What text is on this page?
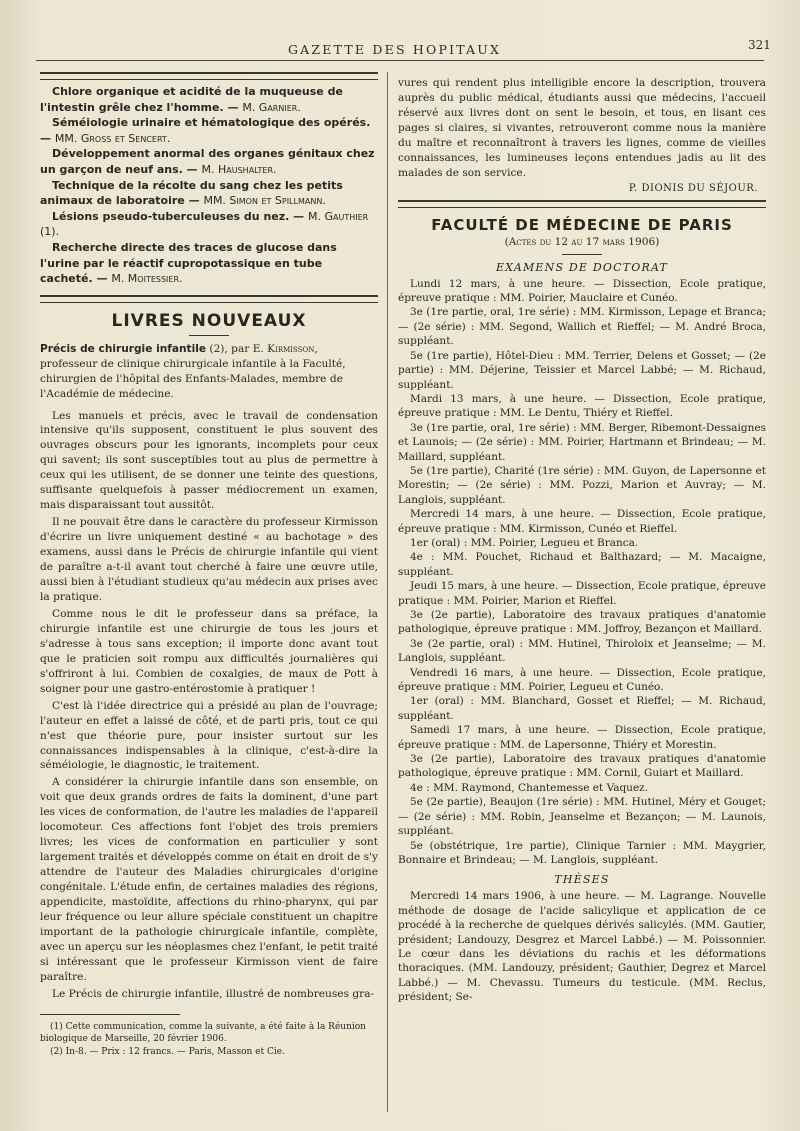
GAZETTE DES HOPITAUX	321
Chlore organique et acidité de la muqueuse de l'intestin grêle chez l'homme. — M. Garnier.
Séméiologie urinaire et hématologique des opérés. — MM. Gross et Sencert.
Développement anormal des organes génitaux chez un garçon de neuf ans. — M. Haushalter.
Technique de la récolte du sang chez les petits animaux de laboratoire — MM. Simon et Spillmann.
Lésions pseudo-tuberculeuses du nez. — M. Gauthier (1).
Recherche directe des traces de glucose dans l'urine par le réactif cupropotassique en tube cacheté. — M. Moitessier.
LIVRES NOUVEAUX
Précis de chirurgie infantile (2), par E. Kirmisson, professeur de clinique chirurgicale infantile à la Faculté, chirurgien de l'hôpital des Enfants-Malades, membre de l'Académie de médecine.

Les manuels et précis, avec le travail de condensation intensive qu'ils supposent, constituent le plus souvent des ouvrages obscurs pour les ignorants, incomplets pour ceux qui savent; ils sont susceptibles tout au plus de permettre à ceux qui les utilisent, de se donner une teinte des questions, suffisante quelquefois à passer médiocrement un examen, mais disparaissant tout aussitôt.

Il ne pouvait être dans le caractère du professeur Kirmisson d'écrire un livre uniquement destiné « au bachotage » des examens, aussi dans le Précis de chirurgie infantile qui vient de paraître a-t-il avant tout cherché à faire une œuvre utile, aussi bien à l'étudiant studieux qu'au médecin aux prises avec la pratique.

Comme nous le dit le professeur dans sa préface, la chirurgie infantile est une chirurgie de tous les jours et s'adresse à tous sans exception; il importe donc avant tout que le praticien soit rompu aux difficultés journalières qui s'offriront à lui. Combien de coxalgies, de maux de Pott à soigner pour une gastro-entérostomie à pratiquer !

C'est là l'idée directrice qui a présidé au plan de l'ouvrage; l'auteur en effet a laissé de côté, et de parti pris, tout ce qui n'est que théorie pure, pour insister surtout sur les connaissances indispensables à la clinique, c'est-à-dire la séméiologie, le diagnostic, le traitement.

A considérer la chirurgie infantile dans son ensemble, on voit que deux grands ordres de faits la dominent, d'une part les vices de conformation, de l'autre les maladies de l'appareil locomoteur. Ces affections font l'objet des trois premiers livres; les vices de conformation en particulier y sont largement traités et développés comme on était en droit de s'y attendre de l'auteur des Maladies chirurgicales d'origine congénitale. L'étude enfin, de certaines maladies des régions, appendicite, mastoïdite, affections du rhino-pharynx, qui par leur fréquence ou leur allure spéciale constituent un chapitre important de la pathologie chirurgicale infantile, complète, avec un aperçu sur les néoplasmes chez l'enfant, le petit traité si intéressant que le professeur Kirmisson vient de faire paraître.

Le Précis de chirurgie infantile, illustré de nombreuses gra-

(1) Cette communication, comme la suivante, a été faite à la Réunion biologique de Marseille, 20 février 1906.
(2) In-8. — Prix : 12 francs. — Paris, Masson et Cie.

vures qui rendent plus intelligible encore la description, trouvera auprès du public médical, étudiants aussi que médecins, l'accueil réservé aux livres dont on sent le besoin, et tous, en lisant ces pages si claires, si vivantes, retrouveront comme nous la manière du maître et reconnaîtront à travers les lignes, comme de vieilles connaissances, les lumineuses leçons entendues jadis au lit des malades de son service.

P. DIONIS DU SÉJOUR.
FACULTÉ DE MÉDECINE DE PARIS
(Actes du 12 au 17 mars 1906)
EXAMENS DE DOCTORAT

Lundi 12 mars, à une heure. — Dissection, Ecole pratique, épreuve pratique : MM. Poirier, Mauclaire et Cunéo.

3e (1re partie, oral, 1re série) : MM. Kirmisson, Lepage et Branca; — (2e série) : MM. Segond, Wallich et Rieffel; — M. André Broca, suppléant.

5e (1re partie), Hôtel-Dieu : MM. Terrier, Delens et Gosset; — (2e partie) : MM. Déjerine, Teissier et Marcel Labbé; — M. Richaud, suppléant.

Mardi 13 mars, à une heure. — Dissection, Ecole pratique, épreuve pratique : MM. Le Dentu, Thiéry et Rieffel.

3e (1re partie, oral, 1re série) : MM. Berger, Ribemont-Dessaignes et Launois; — (2e série) : MM. Poirier, Hartmann et Brindeau; — M. Maillard, suppléant.

5e (1re partie), Charité (1re série) : MM. Guyon, de Lapersonne et Morestin; — (2e série) : MM. Pozzi, Marion et Auvray; — M. Langlois, suppléant.

Mercredi 14 mars, à une heure. — Dissection, Ecole pratique, épreuve pratique : MM. Kirmisson, Cunéo et Rieffel.

1er (oral) : MM. Poirier, Legueu et Branca.

4e : MM. Pouchet, Richaud et Balthazard; — M. Macaigne, suppléant.

Jeudi 15 mars, à une heure. — Dissection, Ecole pratique, épreuve pratique : MM. Poirier, Marion et Rieffel.

3e (2e partie), Laboratoire des travaux pratiques d'anatomie pathologique, épreuve pratique : MM. Joffroy, Bezançon et Maillard.

3e (2e partie, oral) : MM. Hutinel, Thiroloix et Jeanselme; — M. Langlois, suppléant.

Vendredi 16 mars, à une heure. — Dissection, Ecole pratique, épreuve pratique : MM. Poirier, Legueu et Cunéo.

1er (oral) : MM. Blanchard, Gosset et Rieffel; — M. Richaud, suppléant.

Samedi 17 mars, à une heure. — Dissection, Ecole pratique, épreuve pratique : MM. de Lapersonne, Thiéry et Morestin.

3e (2e partie), Laboratoire des travaux pratiques d'anatomie pathologique, épreuve pratique : MM. Cornil, Guiart et Maillard.

4e : MM. Raymond, Chantemesse et Vaquez.

5e (2e partie), Beaujon (1re série) : MM. Hutinel, Méry et Gouget; — (2e série) : MM. Robin, Jeanselme et Bezançon; — M. Launois, suppléant.

5e (obstétrique, 1re partie), Clinique Tarnier : MM. Maygrier, Bonnaire et Brindeau; — M. Langlois, suppléant.

THÈSES

Mercredi 14 mars 1906, à une heure. — M. Lagrange. Nouvelle méthode de dosage de l'acide salicylique et application de ce procédé à la recherche de quelques dérivés salicylés. (MM. Gautier, président; Landouzy, Desgrez et Marcel Labbé.) — M. Poissonnier. Le cœur dans les déviations du rachis et les déformations thoraciques. (MM. Landouzy, président; Gauthier, Degrez et Marcel Labbé.) — M. Chevassu. Tumeurs du testicule. (MM. Reclus, président; Se-
